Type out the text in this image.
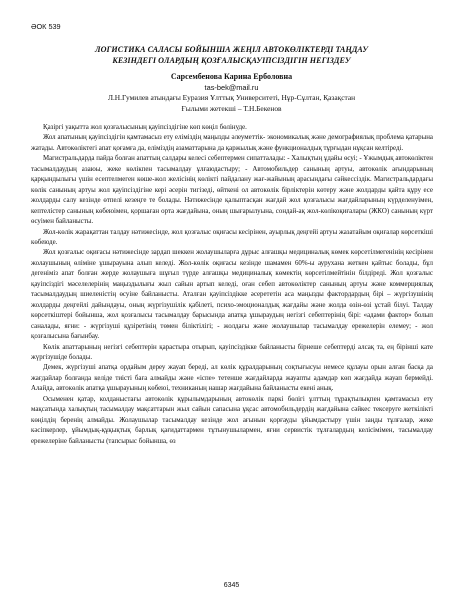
ӘОК 539
ЛОГИСТИКА САЛАСЫ БОЙЫНША ЖЕҢІЛ АВТОКӨЛІКТЕРДІ ТАҢДАУ
КЕЗІНДЕГІ ОЛАРДЫҢ ҚОЗҒАЛЫСҚАУІПСІЗДІГІН НЕГІЗДЕУ
Сарсембенова Карина Ерболовна
tas-bek@mail.ru
Л.Н.Гумилев атындағы Еуразия Ұлттық Университеті, Нұр-Сұлтан, Қазақстан
Ғылыми жетекші – Т.Н.Бекенов

Қазіргі уақытта жол қозғалысының қауіпсіздігіне көп көңіл бөлінуде.

Жол апатының қауіпсіздігін қамтамасыз ету еліміздің маңызды әлеуметтік- экономикалық және демографиялық проблема қатарына жатады. Автокөліктегі апат қоғамға да, еліміздің азаматтарына да қаржылық және функционалдық тұрғыдан нұқсан келтіреді.

Магистральдарда пайда болған апаттың салдары келесі себептермен сипатталады: - Халықтың ұдайы өсуі; - Ұжымдық автокөліктен тасымалдаудың азаюы, жеке көлікпен тасымалдау ұлғаюдастыру; - Автомобильдер санының артуы, автокөлік ағындарының қарқындылығы үшін есептелмеген көше-жол желісінің көлікті пайдалану жағ-жайының арасындағы сәйкессіздік. Магистральдардағы көлік санының артуы жол қауіпсіздігіне кері әсерін тигізеді, өйткені ол автокөлік бірліктерін көтеру және жолдарды қайта құру есе жолдарды салу кезінде өтпелі кезеңге те болады. Нәтижесінде қалыптасқан жағдай жол қозғалысы жағдайларының күрделенуімен, кептелістер санының көбеюімен, қоршаған орта жағдайына, оның шығарылуына, сондай-ақ жол-көлікоқиғалары (ЖКО) санының күрт өсуімен байланысты.

Жол-көлік жарақаттан талдау нәтижесінде, жол қозғалыс оқиғасы кесірінен, ауырлық деңгейі артуы жазатайым оқиғалар көрсеткіші көбеюде.

Жол қозғалыс оқиғасы нәтижесінде зардап шеккен жолаушыларға дұрыс алғашқы медициналық көмек көрсетілмегенінің кесірінен жолаушының өліміне ұшырауына алып келеді. Жол-көлік оқиғасы кезінде шамамен 60%-ы аурухана жеткен қайтыс болады, бұл дегеніміз апат болған жерде жолаушыға шұғыл түрде алғашқы медициналық көмектің көрсетілмейтінін білдіреді. Жол қозғалыс қауіпсіздігі мәселелерінің маңыздылығы жыл сайын артып келеді, оған себеп автокөліктер санының артуы және коммерциялық тасымалдаудың шиеленістің өсуіне байланысты. Аталған қауіпсіздікке әсерететін аса маңызды фактордардың бірі – жүргізушінің жолдарды деңгейлі дайындауы, оның жүргізушілік қабілеті, психо-эмоционалдық жағдайы және жолда өзін-өзі ұстай білуі. Талдау көрсеткіштері бойынша, жол қозғалысы тасымалдау барысында апатқа ұшыраудың негізгі себептерінің бірі: «адами фактор» болып саналады, яғни: - жүргізуші құзіретінің төмен біліктілігі; - жолдағы және жолаушылар тасымалдау ережелерін елемеу; - жол қозғалысына бағынбау.

Көлік апаттарының негізгі себептерін қарастыра отырып, қауіпсіздікке байланысты бірнеше себептерді алсақ та, ең бірінші кате жүргізушіде болады.

Демек, жүргізуші апатқа ордайым дереу жауап береді, ал көлік құралдарының соқтығысуы немесе құлауы орын алған басқа да жағдайлар болғанда келіде тиісті баға алмайды және «іспе» тетенше жағдайларда жауапты адамдар көп жағдайда жауап бермейді. Алайда, автокөлік апатқа ұшырауының көбеюі, техниканың нашар жағдайына байланысты екені анық.

Осыменен қатар, колданыстағы автокөлік құрылымдарының автокөлік паркі бөлігі ұлттың тұрақтылықпен қамтамасыз ету мақсатында халықтың тасымалдау мақсаттарын жыл сайын сапасына ұқсас автомобильдердің жағдайына сәйкес тексеруге жеткілікті көңілдің беренің алмайды. Жолаушылар тасымалдау кезінде жол ағынын қорғауды ұйымдастыру үшін заңды тұлғалар, жеке кәсіпкерлер, ұйымдық-құқықтық барлық қағидаттармен тұтынушылармен, яғни сервистік тұлғалардың келісімімен, тасымалдау ережелеріне байланысты (тапсырыс бойынша, өз

6345
